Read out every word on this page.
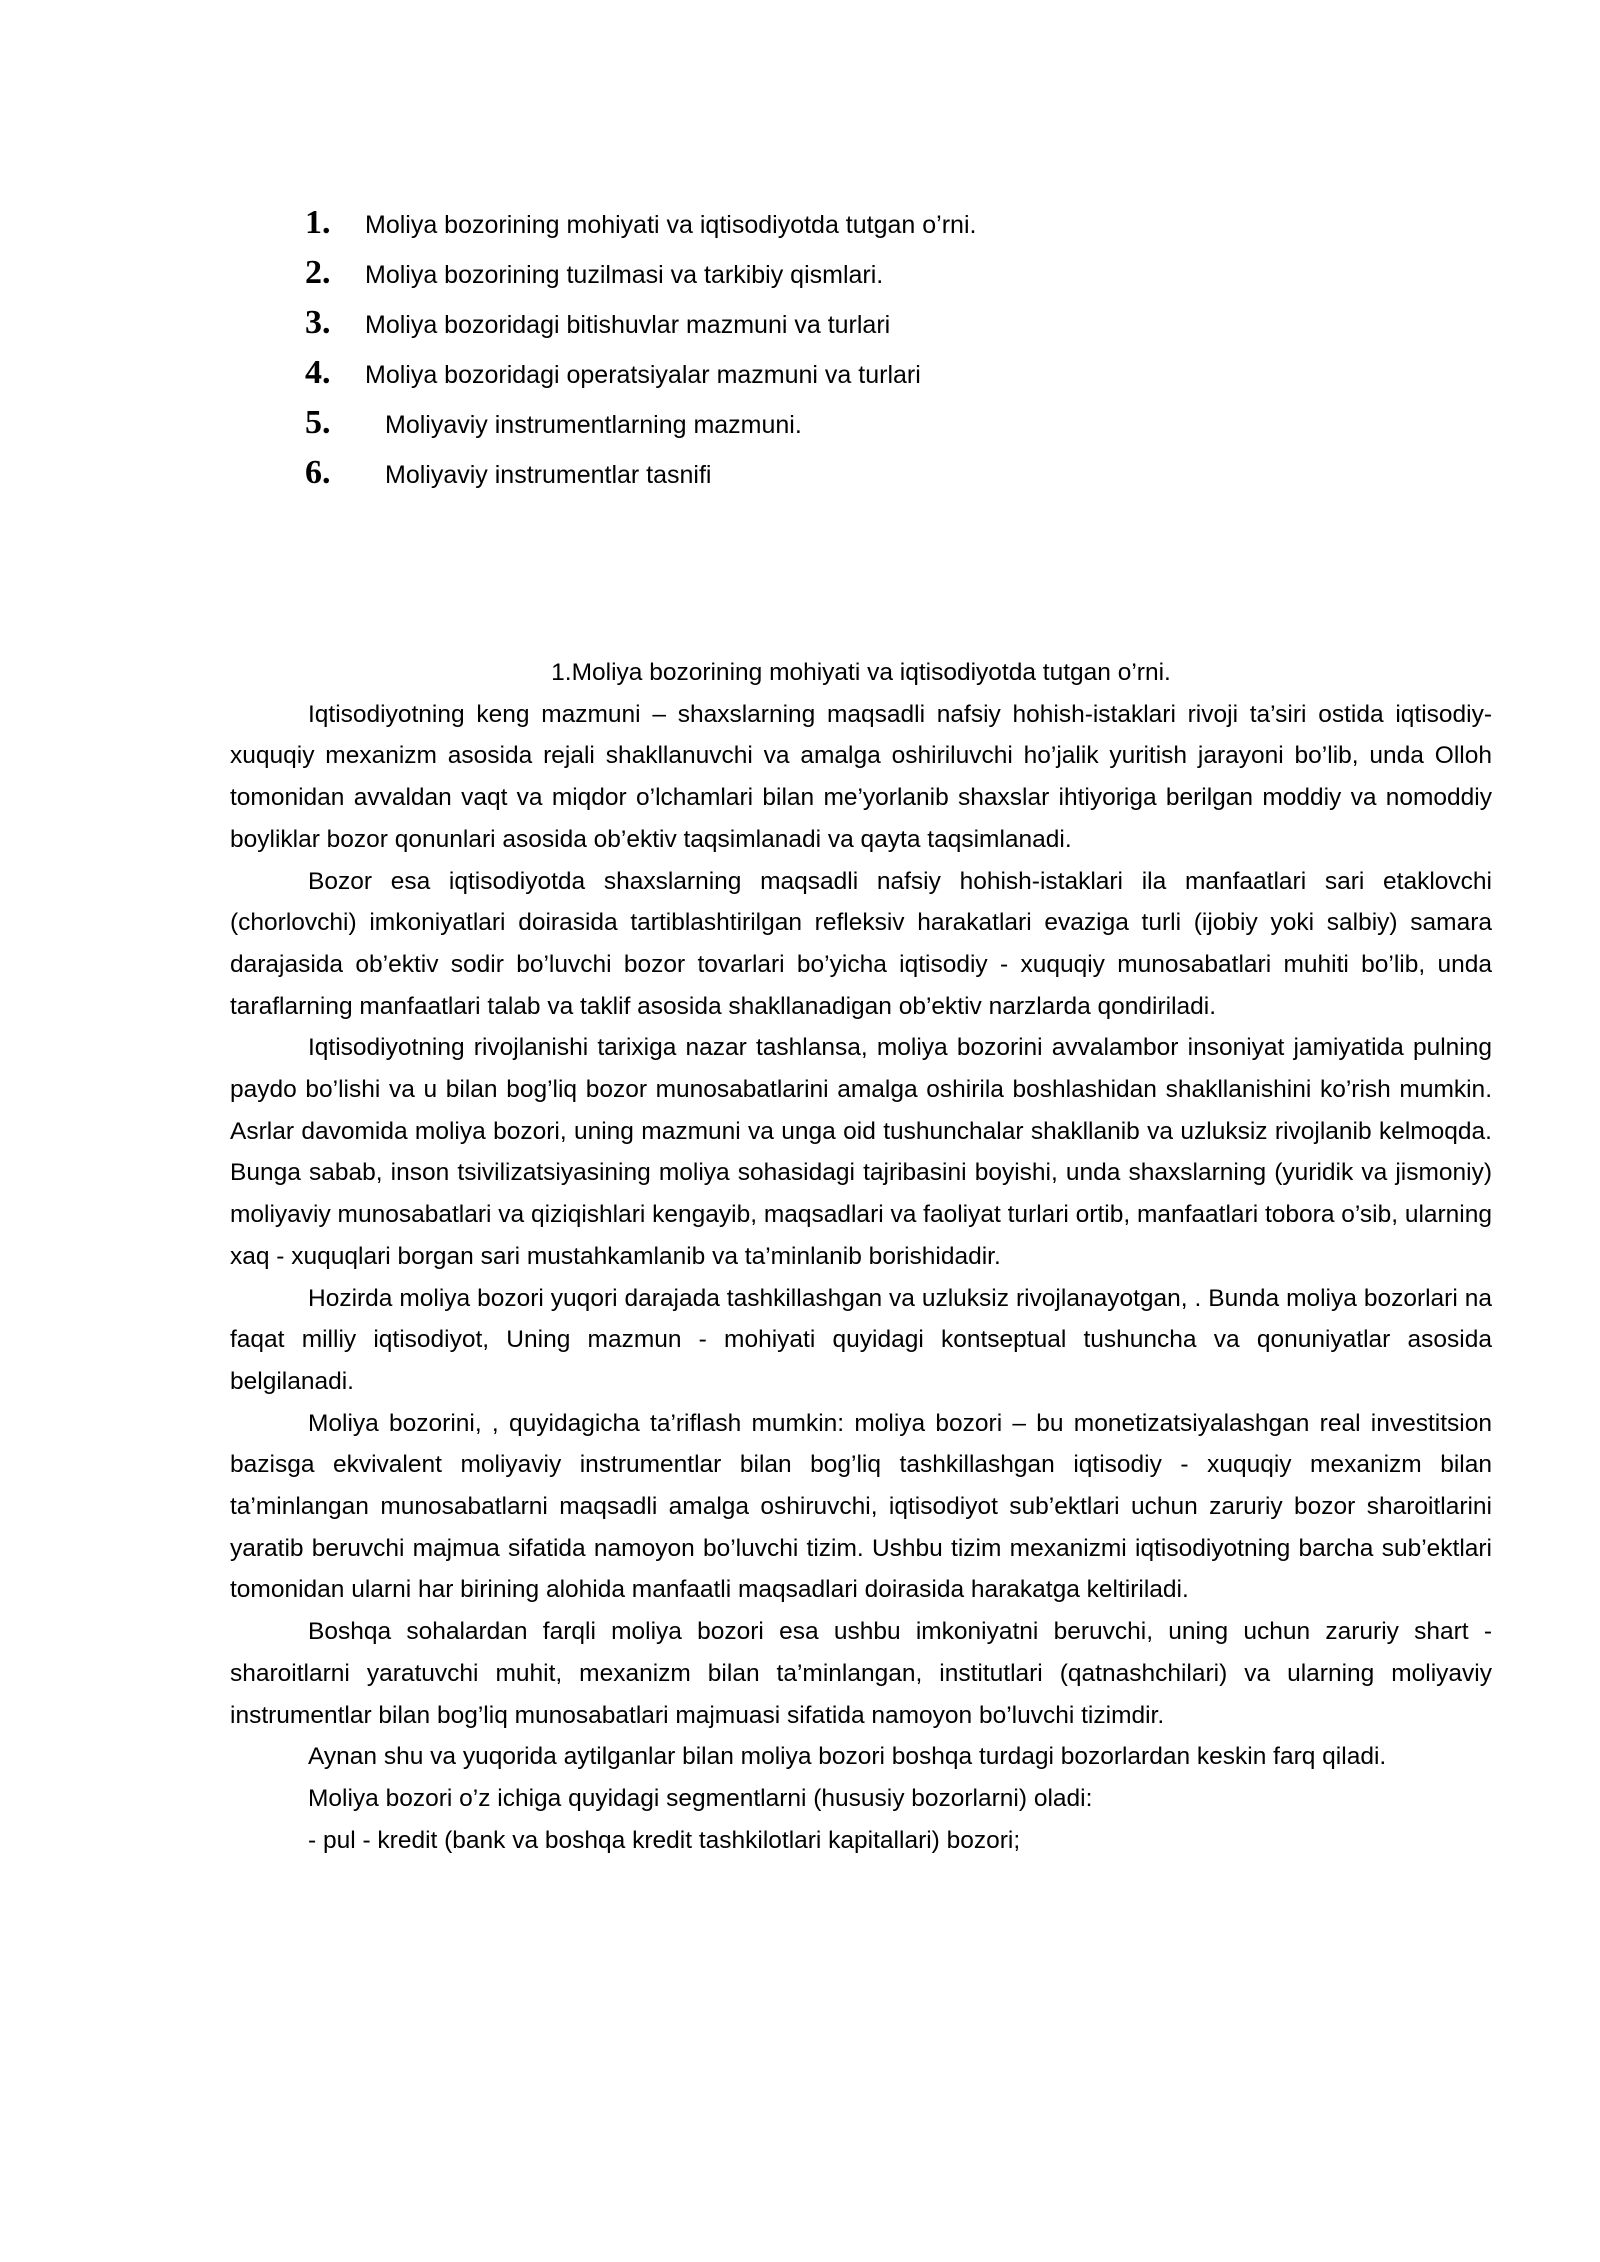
1.	Moliya bozorining mohiyati va iqtisodiyotda tutgan o’rni.
2.	Moliya bozorining tuzilmasi va tarkibiy qismlari.
3.	Moliya bozoridagi bitishuvlar mazmuni va turlari
4.	Moliya bozoridagi operatsiyalar mazmuni va turlari
5.	Moliyaviy instrumentlarning mazmuni.
6.	Moliyaviy instrumentlar tasnifi

1.Moliya bozorining mohiyati va iqtisodiyotda tutgan o’rni.

Iqtisodiyotning keng mazmuni – shaxslarning maqsadli nafsiy hohish-istaklari rivoji ta’siri ostida iqtisodiy-xuquqiy mexanizm asosida rejali shakllanuvchi va amalga oshiriluvchi ho’jalik yuritish jarayoni bo’lib, unda Olloh tomonidan avvaldan vaqt va miqdor o’lchamlari bilan me’yorlanib shaxslar ihtiyoriga berilgan moddiy va nomoddiy boyliklar bozor qonunlari asosida ob’ektiv taqsimlanadi va qayta taqsimlanadi.

Bozor esa iqtisodiyotda shaxslarning maqsadli nafsiy hohish-istaklari ila manfaatlari sari etaklovchi (chorlovchi) imkoniyatlari doirasida tartiblashtirilgan refleksiv harakatlari evaziga turli (ijobiy yoki salbiy) samara darajasida ob’ektiv sodir bo’luvchi bozor tovarlari bo’yicha iqtisodiy - xuquqiy munosabatlari muhiti bo’lib, unda taraflarning manfaatlari talab va taklif asosida shakllanadigan ob’ektiv narzlarda qondiriladi.

Iqtisodiyotning rivojlanishi tarixiga nazar tashlansa, moliya bozorini avvalambor insoniyat jamiyatida pulning paydo bo’lishi va u bilan bog’liq bozor munosabatlarini amalga oshirila boshlashidan shakllanishini ko’rish mumkin. Asrlar davomida moliya bozori, uning mazmuni va unga oid tushunchalar shakllanib va uzluksiz rivojlanib kelmoqda. Bunga sabab, inson tsivilizatsiyasining moliya sohasidagi tajribasini boyishi, unda shaxslarning (yuridik va jismoniy) moliyaviy munosabatlari va qiziqishlari kengayib, maqsadlari va faoliyat turlari ortib, manfaatlari tobora o’sib, ularning xaq - xuquqlari borgan sari mustahkamlanib va ta’minlanib borishidadir.

Hozirda moliya bozori yuqori darajada tashkillashgan va uzluksiz rivojlanayotgan, . Bunda moliya bozorlari na faqat milliy iqtisodiyot, Uning mazmun - mohiyati quyidagi kontseptual tushuncha va qonuniyatlar asosida belgilanadi.

Moliya bozorini, , quyidagicha ta’riflash mumkin: moliya bozori – bu monetizatsiyalashgan real investitsion bazisga ekvivalent moliyaviy instrumentlar bilan bog’liq tashkillashgan iqtisodiy - xuquqiy mexanizm bilan ta’minlangan munosabatlarni maqsadli amalga oshiruvchi, iqtisodiyot sub’ektlari uchun zaruriy bozor sharoitlarini yaratib beruvchi majmua sifatida namoyon bo’luvchi tizim. Ushbu tizim mexanizmi iqtisodiyotning barcha sub’ektlari tomonidan ularni har birining alohida manfaatli maqsadlari doirasida harakatga keltiriladi.

Boshqa sohalardan farqli moliya bozori esa ushbu imkoniyatni beruvchi, uning uchun zaruriy shart - sharoitlarni yaratuvchi muhit, mexanizm bilan ta’minlangan, institutlari (qatnashchilari) va ularning moliyaviy instrumentlar bilan bog’liq munosabatlari majmuasi sifatida namoyon bo’luvchi tizimdir.

Aynan shu va yuqorida aytilganlar bilan moliya bozori boshqa turdagi bozorlardan keskin farq qiladi.

Moliya bozori o’z ichiga quyidagi segmentlarni (hususiy bozorlarni) oladi:

- pul - kredit (bank va boshqa kredit tashkilotlari kapitallari) bozori;
